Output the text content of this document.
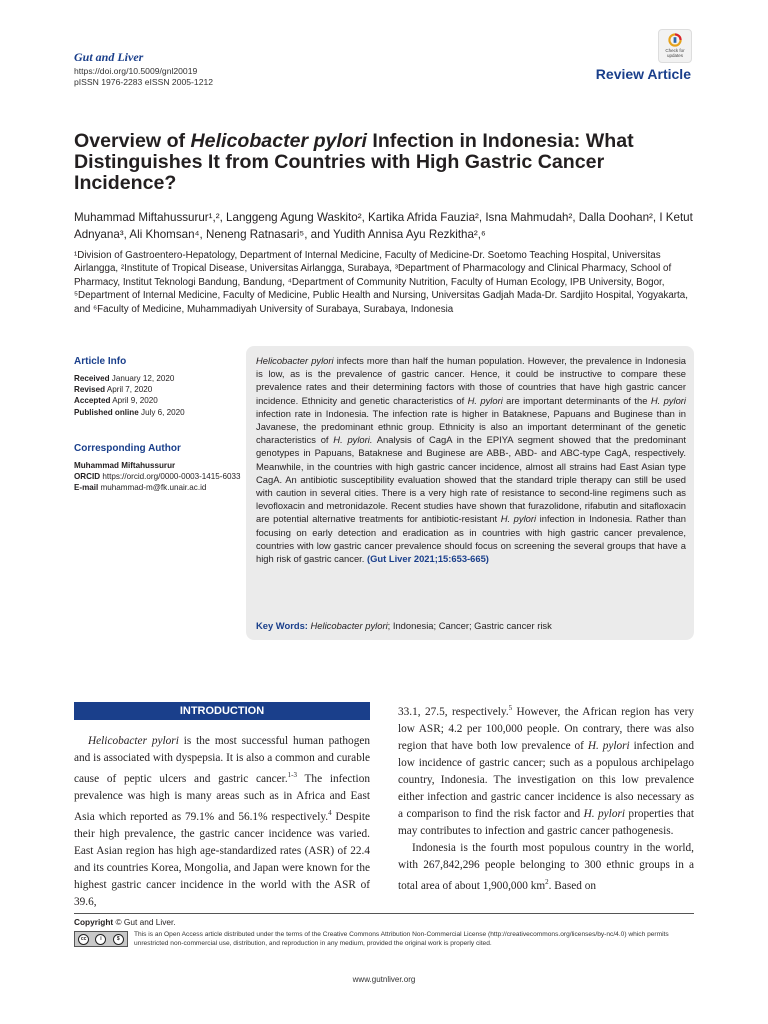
Gut and Liver
https://doi.org/10.5009/gnl20019
pISSN 1976-2283 eISSN 2005-1212
Check for updates
Review Article
Overview of Helicobacter pylori Infection in Indonesia: What Distinguishes It from Countries with High Gastric Cancer Incidence?
Muhammad Miftahussurur¹,², Langgeng Agung Waskito², Kartika Afrida Fauzia², Isna Mahmudah², Dalla Doohan², I Ketut Adnyana³, Ali Khomsan⁴, Neneng Ratnasari⁵, and Yudith Annisa Ayu Rezkitha²,⁶
¹Division of Gastroentero-Hepatology, Department of Internal Medicine, Faculty of Medicine-Dr. Soetomo Teaching Hospital, Universitas Airlangga, ²Institute of Tropical Disease, Universitas Airlangga, Surabaya, ³Department of Pharmacology and Clinical Pharmacy, School of Pharmacy, Institut Teknologi Bandung, Bandung, ⁴Department of Community Nutrition, Faculty of Human Ecology, IPB University, Bogor, ⁵Department of Internal Medicine, Faculty of Medicine, Public Health and Nursing, Universitas Gadjah Mada-Dr. Sardjito Hospital, Yogyakarta, and ⁶Faculty of Medicine, Muhammadiyah University of Surabaya, Surabaya, Indonesia
Article Info
Received January 12, 2020
Revised April 7, 2020
Accepted April 9, 2020
Published online July 6, 2020
Corresponding Author
Muhammad Miftahussurur
ORCID https://orcid.org/0000-0003-1415-6033
E-mail muhammad-m@fk.unair.ac.id
Helicobacter pylori infects more than half the human population. However, the prevalence in Indonesia is low, as is the prevalence of gastric cancer. Hence, it could be instructive to compare these prevalence rates and their determining factors with those of countries that have high gastric cancer incidence. Ethnicity and genetic characteristics of H. pylori are important determinants of the H. pylori infection rate in Indonesia. The infection rate is higher in Bataknese, Papuans and Buginese than in Javanese, the predominant ethnic group. Ethnicity is also an important determinant of the genetic characteristics of H. pylori. Analysis of CagA in the EPIYA segment showed that the predominant genotypes in Papuans, Bataknese and Buginese are ABB-, ABD- and ABC-type CagA, respectively. Meanwhile, in the countries with high gastric cancer incidence, almost all strains had East Asian type CagA. An antibiotic susceptibility evaluation showed that the standard triple therapy can still be used with caution in several cities. There is a very high rate of resistance to second-line regimens such as levofloxacin and metronidazole. Recent studies have shown that furazolidone, rifabutin and sitafloxacin are potential alternative treatments for antibiotic-resistant H. pylori infection in Indonesia. Rather than focusing on early detection and eradication as in countries with high gastric cancer prevalence, countries with low gastric cancer prevalence should focus on screening the several groups that have a high risk of gastric cancer. (Gut Liver 2021;15:653-665)
Key Words: Helicobacter pylori; Indonesia; Cancer; Gastric cancer risk
INTRODUCTION
Helicobacter pylori is the most successful human pathogen and is associated with dyspepsia. It is also a common and curable cause of peptic ulcers and gastric cancer.$^{1-3}$ The infection prevalence was high is many areas such as in Africa and East Asia which reported as 79.1% and 56.1% respectively.$^4$ Despite their high prevalence, the gastric cancer incidence was varied. East Asian region has high age-standardized rates (ASR) of 22.4 and its countries Korea, Mongolia, and Japan were known for the highest gastric cancer incidence in the world with the ASR of 39.6,
33.1, 27.5, respectively.$^5$ However, the African region has very low ASR; 4.2 per 100,000 people. On contrary, there was also region that have both low prevalence of H. pylori infection and low incidence of gastric cancer; such as a populous archipelago country, Indonesia. The investigation on this low prevalence either infection and gastric cancer incidence is also necessary as a comparison to find the risk factor and H. pylori properties that may contributes to infection and gastric cancer pathogenesis.
Indonesia is the fourth most populous country in the world, with 267,842,296 people belonging to 300 ethnic groups in a total area of about 1,900,000 $km^2$. Based on
Copyright © Gut and Liver.
cc	i	$
This is an Open Access article distributed under the terms of the Creative Commons Attribution Non-Commercial License (http://creativecommons.org/licenses/by-nc/4.0) which permits unrestricted non-commercial use, distribution, and reproduction in any medium, provided the original work is properly cited.
www.gutnliver.org
